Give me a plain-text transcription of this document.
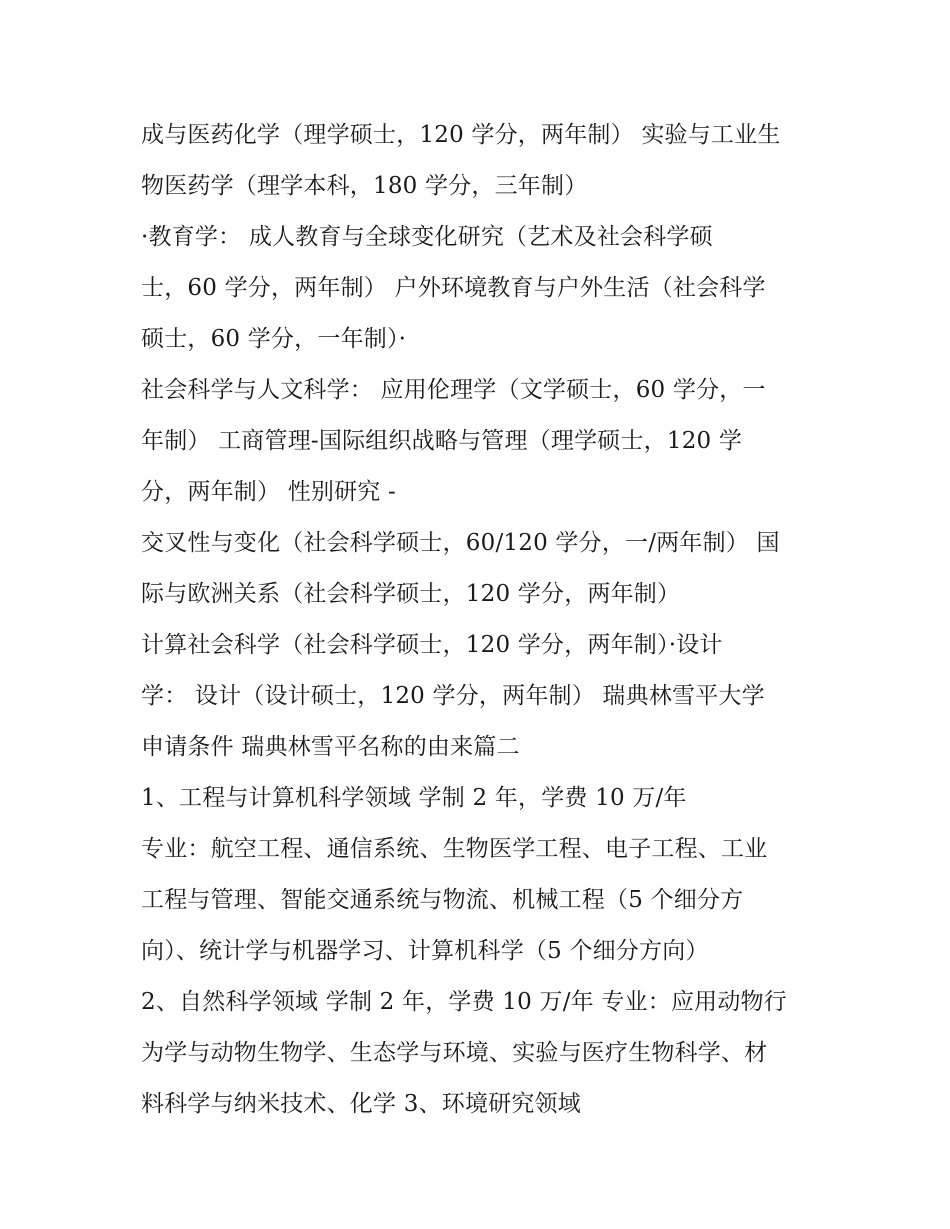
成与医药化学（理学硕士，120 学分，两年制） 实验与工业生
物医药学（理学本科，180 学分，三年制）
·教育学： 成人教育与全球变化研究（艺术及社会科学硕
士，60 学分，两年制） 户外环境教育与户外生活（社会科学
硕士，60 学分，一年制）·
社会科学与人文科学： 应用伦理学（文学硕士，60 学分，一
年制） 工商管理-国际组织战略与管理（理学硕士，120 学
分，两年制） 性别研究 -
交叉性与变化（社会科学硕士，60/120 学分，一/两年制） 国
际与欧洲关系（社会科学硕士，120 学分，两年制）
计算社会科学（社会科学硕士，120 学分，两年制）·设计
学： 设计（设计硕士，120 学分，两年制） 瑞典林雪平大学
申请条件 瑞典林雪平名称的由来篇二
1、工程与计算机科学领域 学制 2 年，学费 10 万/年
专业：航空工程、通信系统、生物医学工程、电子工程、工业
工程与管理、智能交通系统与物流、机械工程（5 个细分方
向）、统计学与机器学习、计算机科学（5 个细分方向）
2、自然科学领域 学制 2 年，学费 10 万/年 专业：应用动物行
为学与动物生物学、生态学与环境、实验与医疗生物科学、材
料科学与纳米技术、化学 3、环境研究领域
